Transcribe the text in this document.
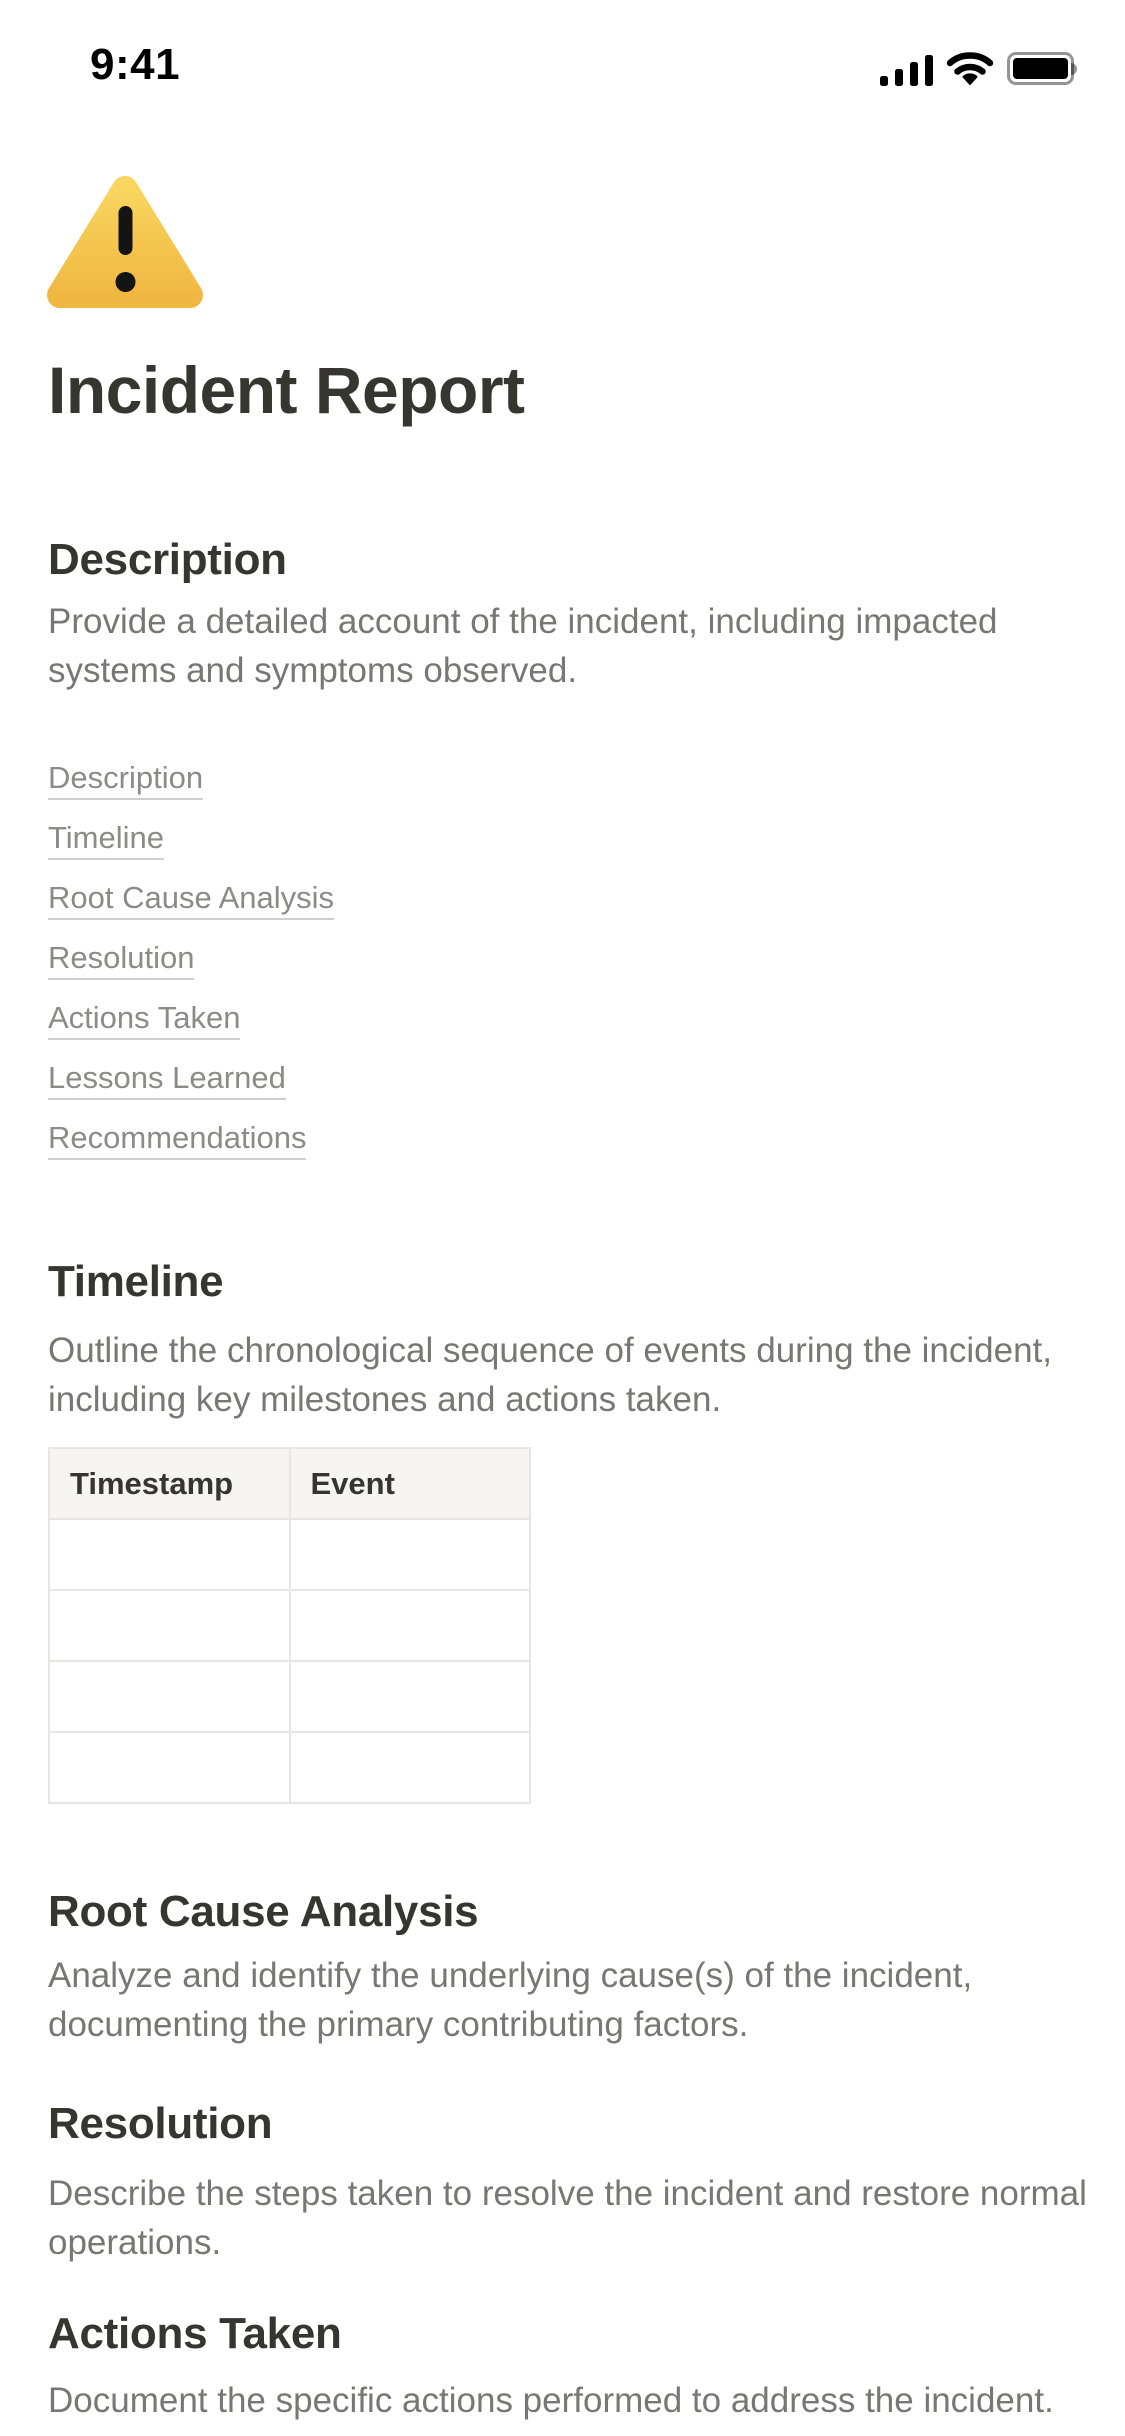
9:41
Incident Report
Description
Provide a detailed account of the incident, including impacted systems and symptoms observed.
Description
Timeline
Root Cause Analysis
Resolution
Actions Taken
Lessons Learned
Recommendations
Timeline
Outline the chronological sequence of events during the incident, including key milestones and actions taken.
Timestamp	Event

Root Cause Analysis
Analyze and identify the underlying cause(s) of the incident, documenting the primary contributing factors.
Resolution
Describe the steps taken to resolve the incident and restore normal operations.
Actions Taken
Document the specific actions performed to address the incident.
